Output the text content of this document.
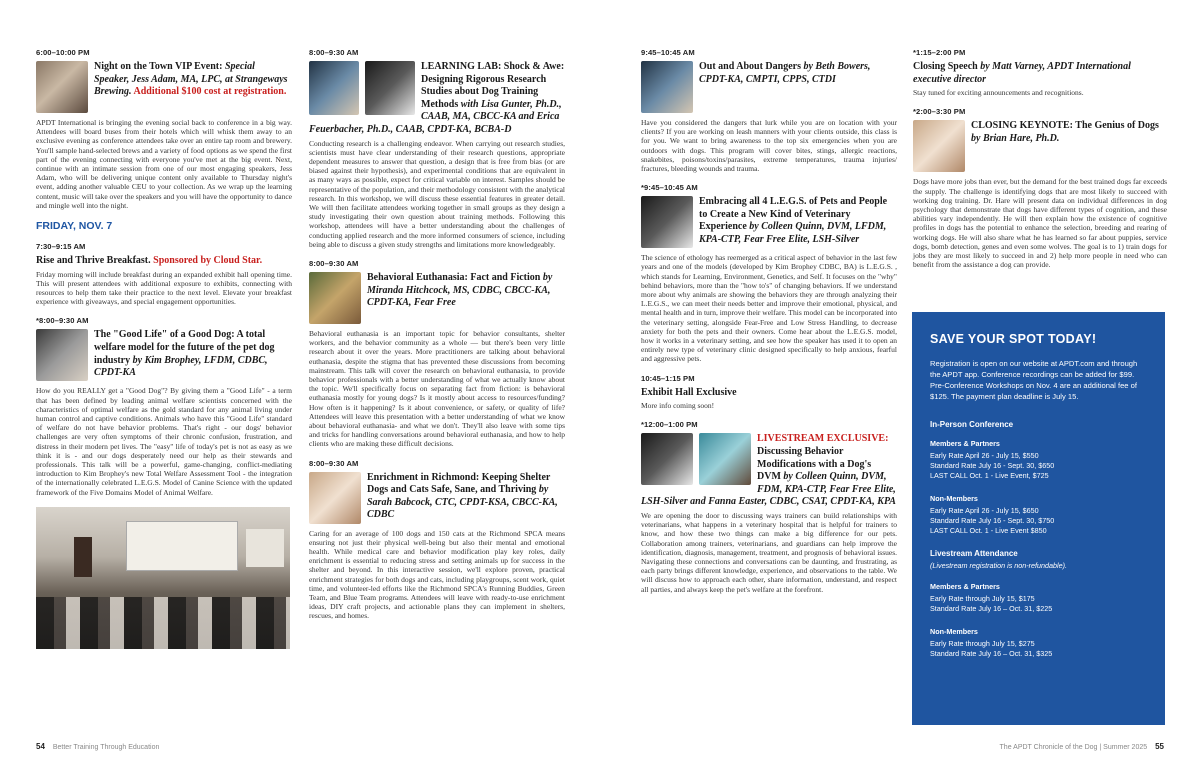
6:00–10:00 PM
Night on the Town VIP Event: Special Speaker, Jess Adam, MA, LPC, at Strangeways Brewing. Additional $100 cost at registration.
APDT International is bringing the evening social back to conference in a big way. Attendees will board buses from their hotels which will whisk them away to an exclusive evening as conference attendees take over an entire tap room and brewery. You'll sample hand-selected brews and a variety of food options as we spend the first part of the evening connecting with everyone you've met at the big event. Next, continue with an intimate session from one of our most engaging speakers, Jess Adam, who will be delivering unique content only available to Thursday night's event, adding another valuable CEU to your collection. As we wrap up the learning content, music will take over the speakers and you will have the opportunity to dance and mingle well into the night.
FRIDAY, NOV. 7
7:30–9:15 AM
Rise and Thrive Breakfast. Sponsored by Cloud Star.
Friday morning will include breakfast during an expanded exhibit hall opening time. This will present attendees with additional exposure to exhibits, connecting with resources to help them take their practice to the next level. Elevate your breakfast experience with giveaways, and special engagement opportunities.
*8:00–9:30 AM
The "Good Life" of a Good Dog: A total welfare model for the future of the pet dog industry by Kim Brophey, LFDM, CDBC, CPDT-KA
How do you REALLY get a "Good Dog"? By giving them a "Good Life" - a term that has been defined by leading animal welfare scientists concerned with the characteristics of optimal welfare as the gold standard for any animal living under human control and captive conditions. Animals who have this "Good Life" standard of welfare do not have behavior problems. That's right - our dogs' behavior challenges are very often symptoms of their chronic confusion, frustration, and distress in their modern pet lives. The "easy" life of today's pet is not as easy as we think it is - and our dogs desperately need our help as their stewards and professionals. This talk will be a powerful, game-changing, conflict-mediating introduction to Kim Brophey's new Total Welfare Assessment Tool - the integration of the internationally celebrated L.E.G.S. Model of Canine Science with the updated framework of the Five Domains Model of Animal Welfare.
8:00–9:30 AM
LEARNING LAB: Shock & Awe: Designing Rigorous Research Studies about Dog Training Methods with Lisa Gunter, Ph.D., CAAB, MA, CBCC-KA and Erica Feuerbacher, Ph.D., CAAB, CPDT-KA, BCBA-D
Conducting research is a challenging endeavor. When carrying out research studies, scientists must have clear understanding of their research questions, appropriate dependent measures to answer that question, a design that is free from bias (or are biased against their hypothesis), and experimental conditions that are equivalent in as many ways as possible, expect for critical variable on interest. Samples should be representative of the population, and their methodology consistent with the analytical research. In this workshop, we will discuss these essential features in greater detail. We will then facilitate attendees working together in small groups as they design a study investigating their own question about training methods. Following this workshop, attendees will have a better understanding about the challenges of conducting applied research and the more informed consumers of science, including being able to discuss a given study strengths and limitations more knowledgeably.
8:00–9:30 AM
Behavioral Euthanasia: Fact and Fiction by Miranda Hitchcock, MS, CDBC, CBCC-KA, CPDT-KA, Fear Free
Behavioral euthanasia is an important topic for behavior consultants, shelter workers, and the behavior community as a whole — but there's been very little research about it over the years. More practitioners are talking about behavioral euthanasia, despite the stigma that has prevented these discussions from becoming mainstream. This talk will cover the research on behavioral euthanasia, to provide behavior professionals with a better understanding of what we actually know about the topic. We'll specifically focus on separating fact from fiction: is behavioral euthanasia mostly for young dogs? Is it mostly about access to resources/funding? How often is it happening? Is it about convenience, or safety, or quality of life? Attendees will leave this presentation with a better understanding of what we know about behavioral euthanasia- and what we don't. They'll also leave with some tips and tricks for handling conversations around behavioral euthanasia, and how to help clients who are making these difficult decisions.
8:00–9:30 AM
Enrichment in Richmond: Keeping Shelter Dogs and Cats Safe, Sane, and Thriving by Sarah Babcock, CTC, CPDT-KSA, CBCC-KA, CDBC
Caring for an average of 100 dogs and 150 cats at the Richmond SPCA means ensuring not just their physical well-being but also their mental and emotional health. While medical care and behavior modification play key roles, daily enrichment is essential to reducing stress and setting animals up for success in the shelter and beyond. In this interactive session, we'll explore proven, practical enrichment strategies for both dogs and cats, including playgroups, scent work, quiet time, and volunteer-led efforts like the Richmond SPCA's Running Buddies, Green Team, and Blue Team programs. Attendees will leave with ready-to-use enrichment ideas, DIY craft projects, and actionable plans they can implement in shelters, rescues, and homes.
9:45–10:45 AM
Out and About Dangers by Beth Bowers, CPDT-KA, CMPTI, CPPS, CTDI
Have you considered the dangers that lurk while you are on location with your clients? If you are working on leash manners with your clients outside, this class is for you. We want to bring awareness to the top six emergencies when you are outdoors with dogs. This program will cover bites, stings, allergic reactions, snakebites, poisons/toxins/parasites, extreme temperatures, trauma injuries/ fractures, bleeding wounds and trauma.
*9:45–10:45 AM
Embracing all 4 L.E.G.S. of Pets and People to Create a New Kind of Veterinary Experience by Colleen Quinn, DVM, LFDM, KPA-CTP, Fear Free Elite, LSH-Silver
The science of ethology has reemerged as a critical aspect of behavior in the last few years and one of the models (developed by Kim Brophey CDBC, BA) is L.E.G.S. , which stands for Learning, Environment, Genetics, and Self. It focuses on the "why" behind behaviors, more than the "how to's" of changing behaviors. If we understand more about why animals are showing the behaviors they are through analyzing their L.E.G.S., we can meet their needs better and improve their emotional, physical, and mental health and in turn, improve their welfare. This model can be incorporated into the veterinary setting, alongside Fear-Free and Low Stress Handling, to decrease anxiety for both the pets and their owners. Come hear about the L.E.G.S. model, how it works in a veterinary setting, and see how the speaker has used it to open an entirely new type of veterinary clinic designed specifically to help anxious, fearful and aggressive pets.
10:45–1:15 PM
Exhibit Hall Exclusive
More info coming soon!
*12:00–1:00 PM
LIVESTREAM EXCLUSIVE: Discussing Behavior Modifications with a Dog's DVM by Colleen Quinn, DVM, FDM, KPA-CTP, Fear Free Elite, LSH-Silver and Fanna Easter, CDBC, CSAT, CPDT-KA, KPA
We are opening the door to discussing ways trainers can build relationships with veterinarians, what happens in a veterinary hospital that is helpful for trainers to know, and how these two things can make a big difference for our pets. Collaboration among trainers, veterinarians, and guardians can help improve the identification, diagnosis, management, treatment, and prognosis of behavioral issues. Navigating these connections and conversations can be daunting, and frustrating, as each party brings different knowledge, experience, and observations to the table. We will discuss how to approach each other, share information, understand, and respect all parties, and always keep the pet's welfare at the forefront.
*1:15–2:00 PM
Closing Speech by Matt Varney, APDT International executive director
Stay tuned for exciting announcements and recognitions.
*2:00–3:30 PM
CLOSING KEYNOTE: The Genius of Dogs by Brian Hare, Ph.D.
Dogs have more jobs than ever, but the demand for the best trained dogs far exceeds the supply. The challenge is identifying dogs that are most likely to succeed with working dog training. Dr. Hare will present data on individual differences in dog psychology that demonstrate that dogs have different types of cognition, and these abilities vary independently. He will then explain how the existence of cognitive profiles in dogs has the potential to enhance the selection, breeding and rearing of working dogs. He will also share what he has learned so far about puppies, service dogs, bomb detection, genes and even some wolves. The goal is to 1) train dogs for jobs they are most likely to succeed in and 2) help more people in need who can benefit from the assistance a dog can provide.
SAVE YOUR SPOT TODAY!
Registration is open on our website at APDT.com and through the APDT app. Conference recordings can be added for $99. Pre-Conference Workshops on Nov. 4 are an additional fee of $125. The payment plan deadline is July 15.
In-Person Conference
Members & Partners
Early Rate April 26 - July 15, $550
Standard Rate July 16 - Sept. 30, $650
LAST CALL Oct. 1 - Live Event, $725
Non-Members
Early Rate April 26 - July 15, $650
Standard Rate July 16 - Sept. 30, $750
LAST CALL Oct. 1 - Live Event $850
Livestream Attendance
(Livestream registration is non-refundable).
Members & Partners
Early Rate through July 15, $175
Standard Rate July 16 – Oct. 31, $225
Non-Members
Early Rate through July 15, $275
Standard Rate July 16 – Oct. 31, $325
54 Better Training Through Education	The APDT Chronicle of the Dog | Summer 2025 55
